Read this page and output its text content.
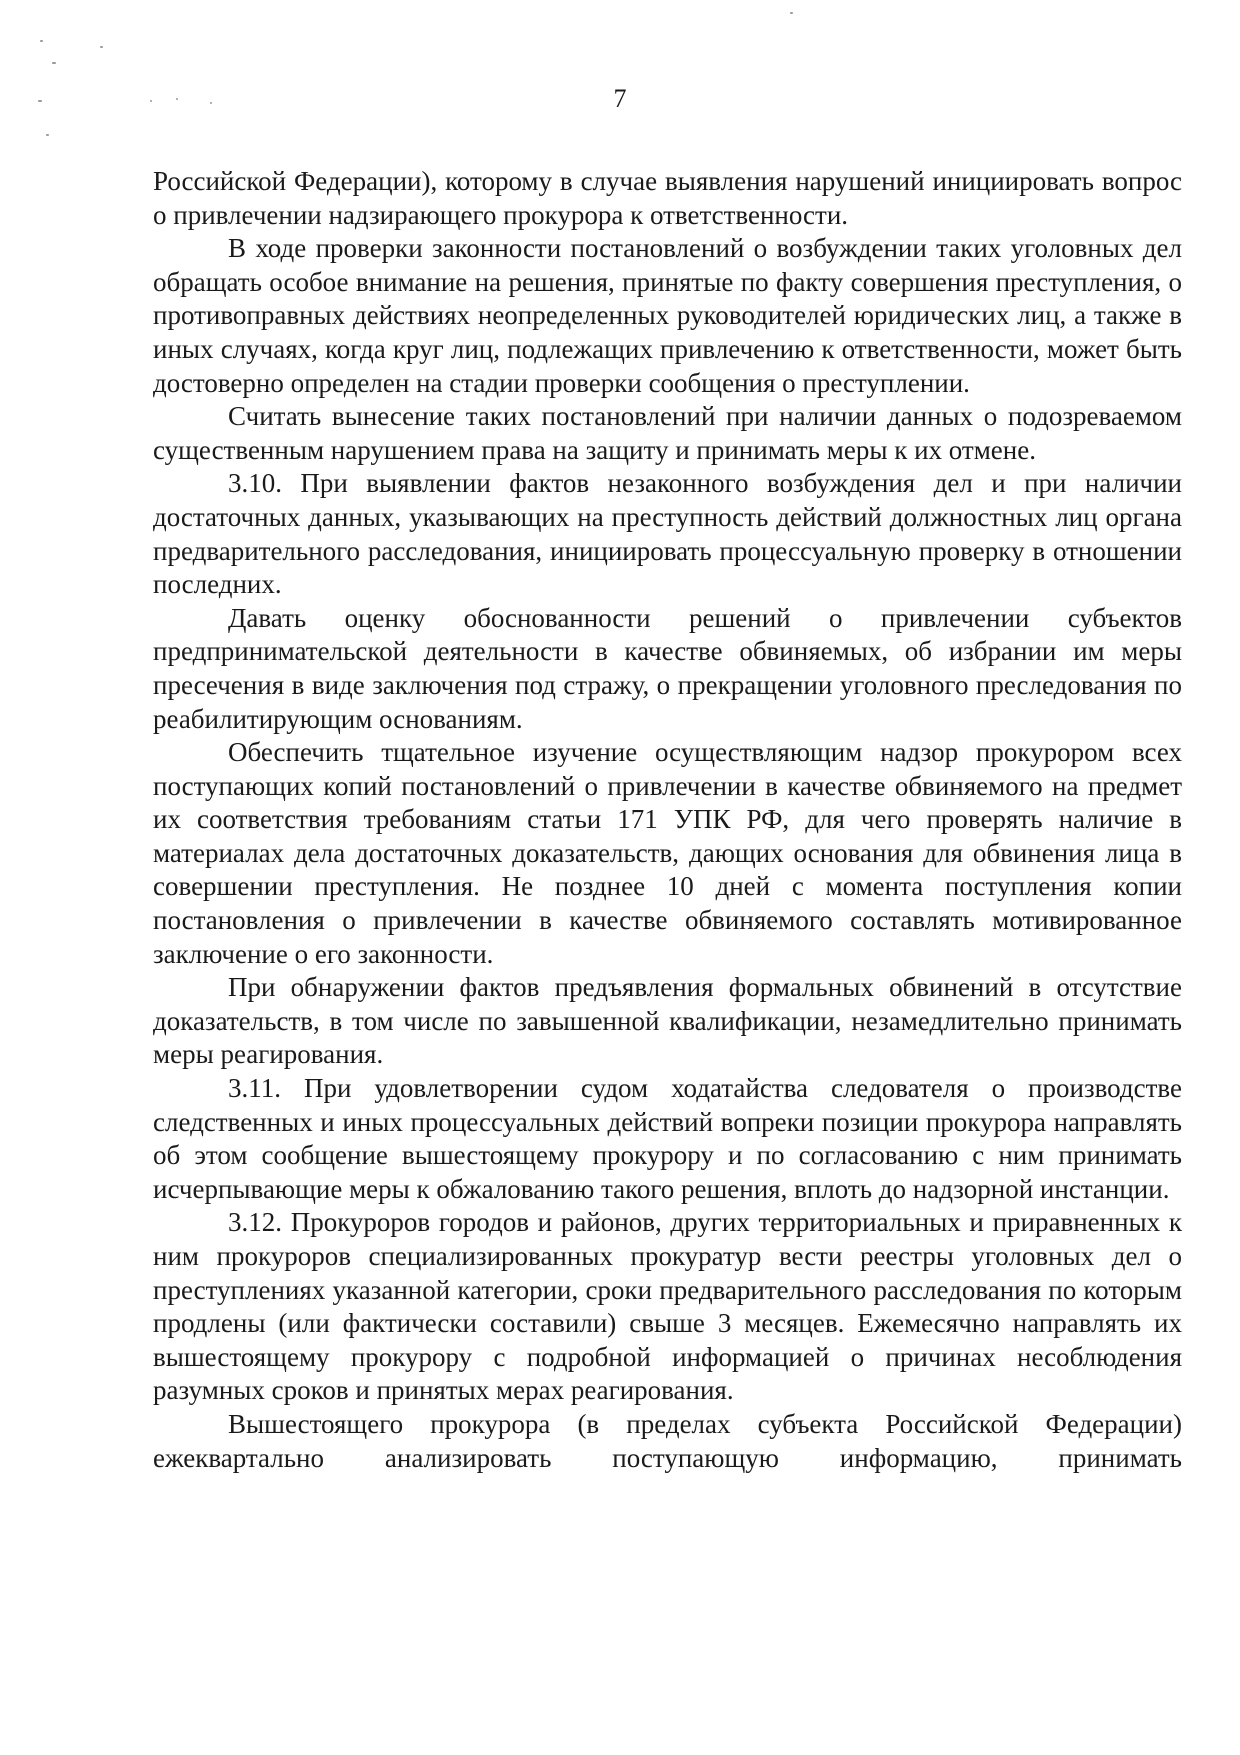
7

Российской Федерации), которому в случае выявления нарушений инициировать вопрос о привлечении надзирающего прокурора к ответственности.

В ходе проверки законности постановлений о возбуждении таких уголовных дел обращать особое внимание на решения, принятые по факту совершения преступления, о противоправных действиях неопределенных руководителей юридических лиц, а также в иных случаях, когда круг лиц, подлежащих привлечению к ответственности, может быть достоверно определен на стадии проверки сообщения о преступлении.

Считать вынесение таких постановлений при наличии данных о подозреваемом существенным нарушением права на защиту и принимать меры к их отмене.

3.10. При выявлении фактов незаконного возбуждения дел и при наличии достаточных данных, указывающих на преступность действий должностных лиц органа предварительного расследования, инициировать процессуальную проверку в отношении последних.

Давать оценку обоснованности решений о привлечении субъектов предпринимательской деятельности в качестве обвиняемых, об избрании им меры пресечения в виде заключения под стражу, о прекращении уголовного преследования по реабилитирующим основаниям.

Обеспечить тщательное изучение осуществляющим надзор прокурором всех поступающих копий постановлений о привлечении в качестве обвиняемого на предмет их соответствия требованиям статьи 171 УПК РФ, для чего проверять наличие в материалах дела достаточных доказательств, дающих основания для обвинения лица в совершении преступления. Не позднее 10 дней с момента поступления копии постановления о привлечении в качестве обвиняемого составлять мотивированное заключение о его законности.

При обнаружении фактов предъявления формальных обвинений в отсутствие доказательств, в том числе по завышенной квалификации, незамедлительно принимать меры реагирования.

3.11. При удовлетворении судом ходатайства следователя о производстве следственных и иных процессуальных действий вопреки позиции прокурора направлять об этом сообщение вышестоящему прокурору и по согласованию с ним принимать исчерпывающие меры к обжалованию такого решения, вплоть до надзорной инстанции.

3.12. Прокуроров городов и районов, других территориальных и приравненных к ним прокуроров специализированных прокуратур вести реестры уголовных дел о преступлениях указанной категории, сроки предварительного расследования по которым продлены (или фактически составили) свыше 3 месяцев. Ежемесячно направлять их вышестоящему прокурору с подробной информацией о причинах несоблюдения разумных сроков и принятых мерах реагирования.

Вышестоящего прокурора (в пределах субъекта Российской Федерации) ежеквартально анализировать поступающую информацию, принимать
